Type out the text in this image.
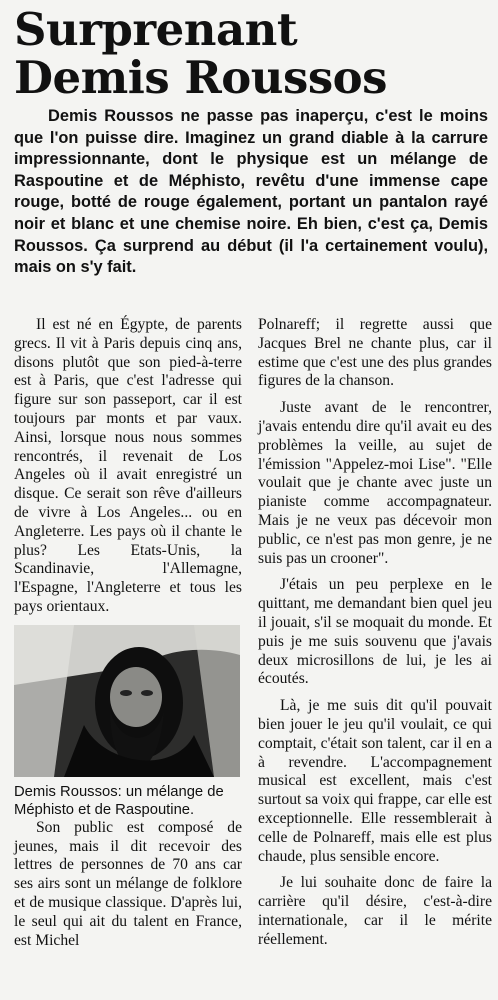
Surprenant
Demis Roussos

Demis Roussos ne passe pas inaperçu, c'est le moins que l'on puisse dire. Imaginez un grand diable à la carrure impressionnante, dont le physique est un mélange de Raspoutine et de Méphisto, revêtu d'une immense cape rouge, botté de rouge également, portant un pantalon rayé noir et blanc et une chemise noire. Eh bien, c'est ça, Demis Roussos. Ça surprend au début (il l'a certainement voulu), mais on s'y fait.

Il est né en Égypte, de parents grecs. Il vit à Paris depuis cinq ans, disons plutôt que son pied-à-terre est à Paris, que c'est l'adresse qui figure sur son passeport, car il est toujours par monts et par vaux. Ainsi, lorsque nous nous sommes rencontrés, il revenait de Los Angeles où il avait enregistré un disque. Ce serait son rêve d'ailleurs de vivre à Los Angeles... ou en Angleterre. Les pays où il chante le plus? Les Etats-Unis, la Scandinavie, l'Allemagne, l'Espagne, l'Angleterre et tous les pays orientaux.

Demis Roussos: un mélange de Méphisto et de Raspoutine.

Son public est composé de jeunes, mais il dit recevoir des lettres de personnes de 70 ans car ses airs sont un mélange de folklore et de musique classique. D'après lui, le seul qui ait du talent en France, est Michel

Polnareff; il regrette aussi que Jacques Brel ne chante plus, car il estime que c'est une des plus grandes figures de la chanson.

Juste avant de le rencontrer, j'avais entendu dire qu'il avait eu des problèmes la veille, au sujet de l'émission "Appelez-moi Lise". "Elle voulait que je chante avec juste un pianiste comme accompagnateur. Mais je ne veux pas décevoir mon public, ce n'est pas mon genre, je ne suis pas un crooner".

J'étais un peu perplexe en le quittant, me demandant bien quel jeu il jouait, s'il se moquait du monde. Et puis je me suis souvenu que j'avais deux microsillons de lui, je les ai écoutés.

Là, je me suis dit qu'il pouvait bien jouer le jeu qu'il voulait, ce qui comptait, c'était son talent, car il en a à revendre. L'accompagnement musical est excellent, mais c'est surtout sa voix qui frappe, car elle est exceptionnelle. Elle ressemblerait à celle de Polnareff, mais elle est plus chaude, plus sensible encore.

Je lui souhaite donc de faire la carrière qu'il désire, c'est-à-dire internationale, car il le mérite réellement.
